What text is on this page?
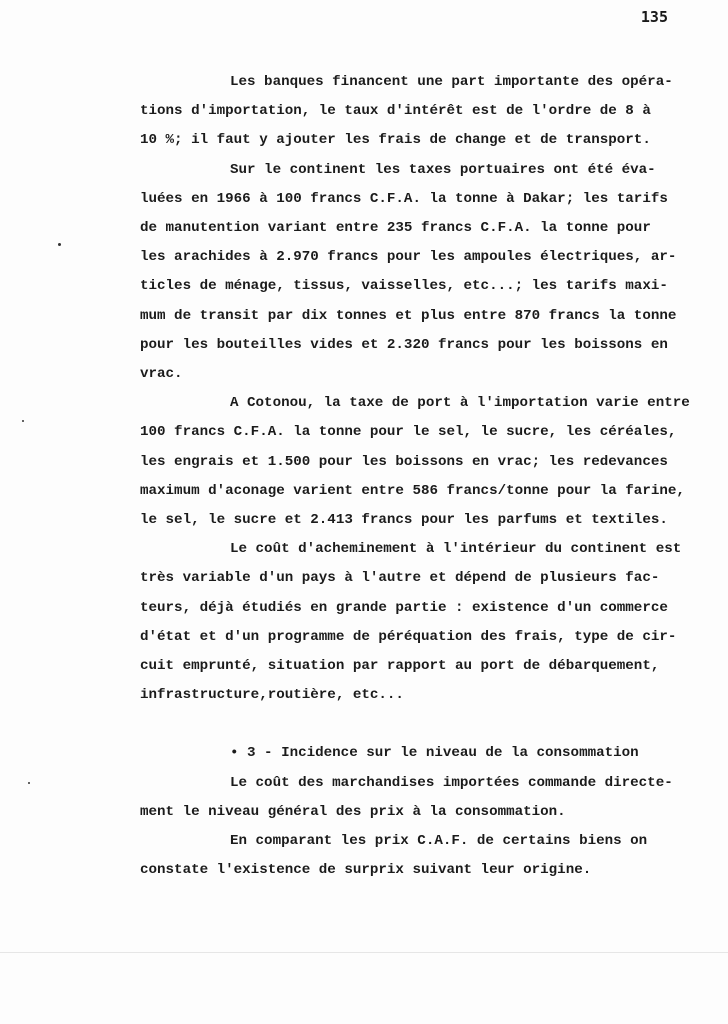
135

Les banques financent une part importante des opéra-
tions d'importation, le taux d'intérêt est de l'ordre de 8 à
10 %; il faut y ajouter les frais de change et de transport.

Sur le continent les taxes portuaires ont été éva-
luées en 1966 à 100 francs C.F.A. la tonne à Dakar; les tarifs
de manutention variant entre 235 francs C.F.A. la tonne pour
les arachides à 2.970 francs pour les ampoules électriques, ar-
ticles de ménage, tissus, vaisselles, etc...; les tarifs maxi-
mum de transit par dix tonnes et plus entre 870 francs la tonne
pour les bouteilles vides et 2.320 francs pour les boissons en
vrac.

A Cotonou, la taxe de port à l'importation varie entre
100 francs C.F.A. la tonne pour le sel, le sucre, les céréales,
les engrais et 1.500 pour les boissons en vrac; les redevances
maximum d'aconage varient entre 586 francs/tonne pour la farine,
le sel, le sucre et 2.413 francs pour les parfums et textiles.

Le coût d'acheminement à l'intérieur du continent est
très variable d'un pays à l'autre et dépend de plusieurs fac-
teurs, déjà étudiés en grande partie : existence d'un commerce
d'état et d'un programme de péréquation des frais, type de cir-
cuit emprunté, situation par rapport au port de débarquement,
infrastructure,routière, etc...

• 3 - Incidence sur le niveau de la consommation

Le coût des marchandises importées commande directe-
ment le niveau général des prix à la consommation.

En comparant les prix C.A.F. de certains biens on
constate l'existence de surprix suivant leur origine.
